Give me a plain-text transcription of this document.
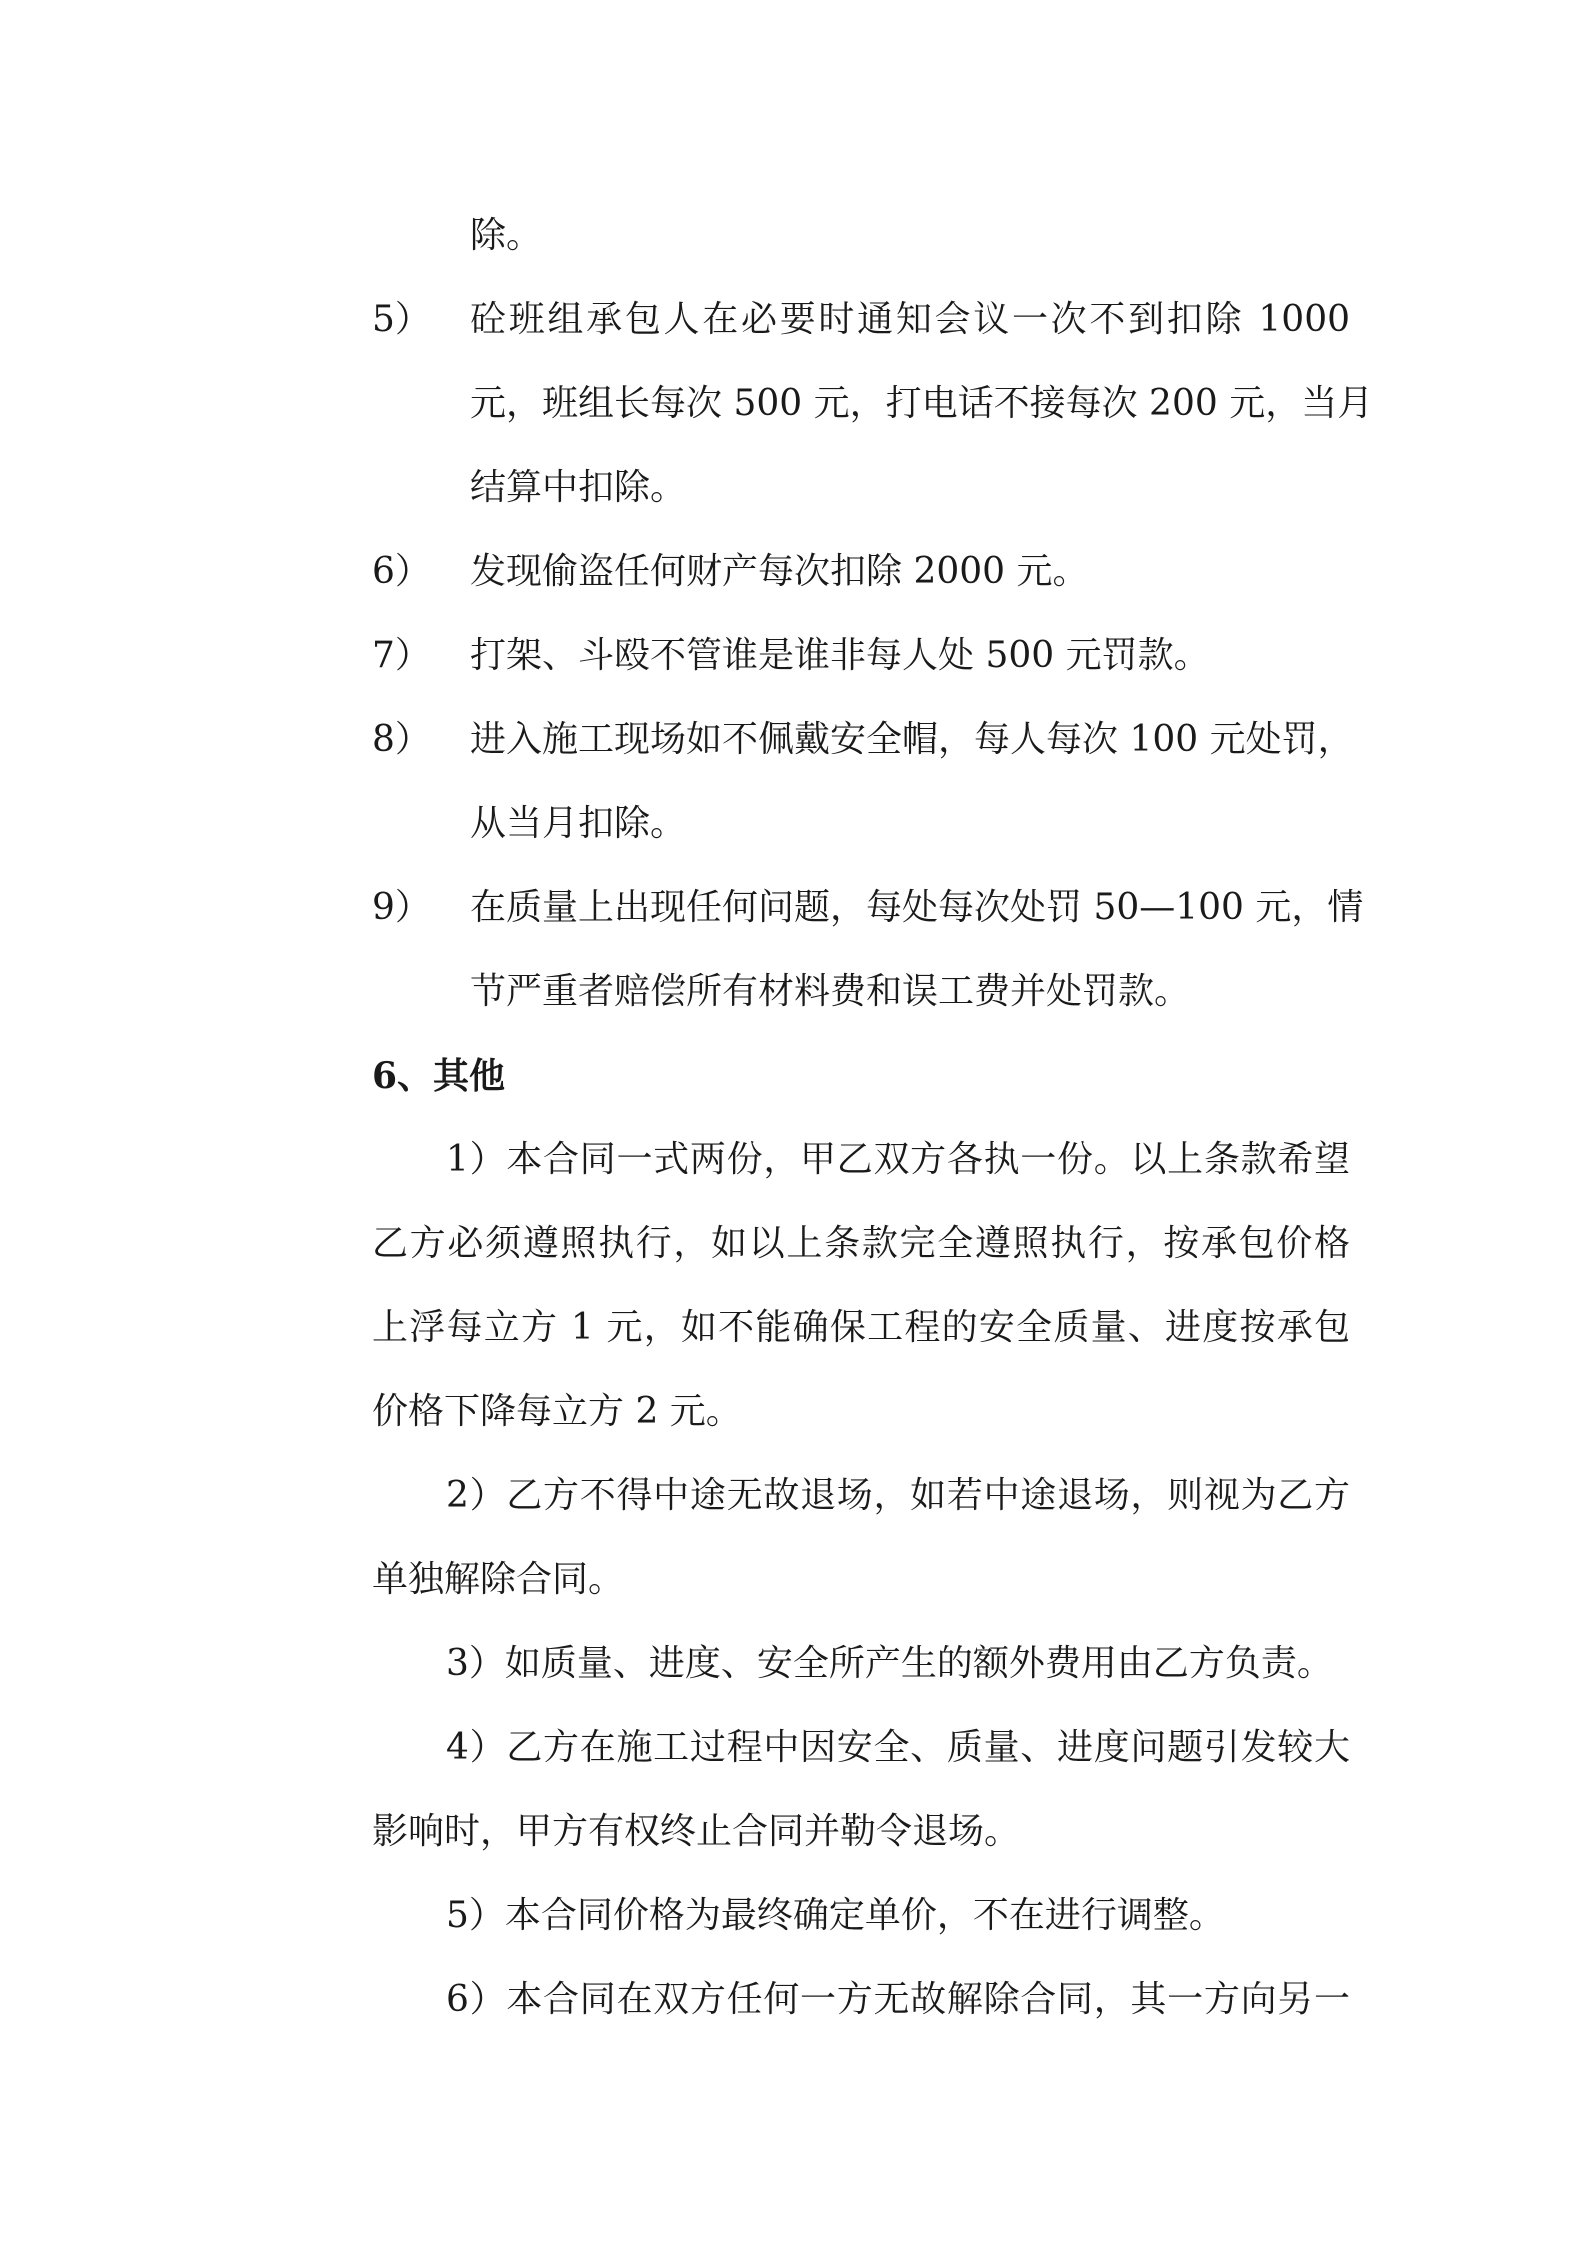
除。

5） 砼班组承包人在必要时通知会议一次不到扣除 1000

元，班组长每次 500 元，打电话不接每次 200 元，当月

结算中扣除。

6） 发现偷盗任何财产每次扣除 2000 元。

7） 打架、斗殴不管谁是谁非每人处 500 元罚款。

8） 进入施工现场如不佩戴安全帽，每人每次 100 元处罚，

从当月扣除。

9） 在质量上出现任何问题，每处每次处罚 50—100 元，情

节严重者赔偿所有材料费和误工费并处罚款。

6、其他

1）本合同一式两份，甲乙双方各执一份。以上条款希望

乙方必须遵照执行，如以上条款完全遵照执行，按承包价格

上浮每立方 1 元，如不能确保工程的安全质量、进度按承包

价格下降每立方 2 元。

2）乙方不得中途无故退场，如若中途退场，则视为乙方

单独解除合同。

3）如质量、进度、安全所产生的额外费用由乙方负责。

4）乙方在施工过程中因安全、质量、进度问题引发较大

影响时，甲方有权终止合同并勒令退场。

5）本合同价格为最终确定单价，不在进行调整。

6）本合同在双方任何一方无故解除合同，其一方向另一
